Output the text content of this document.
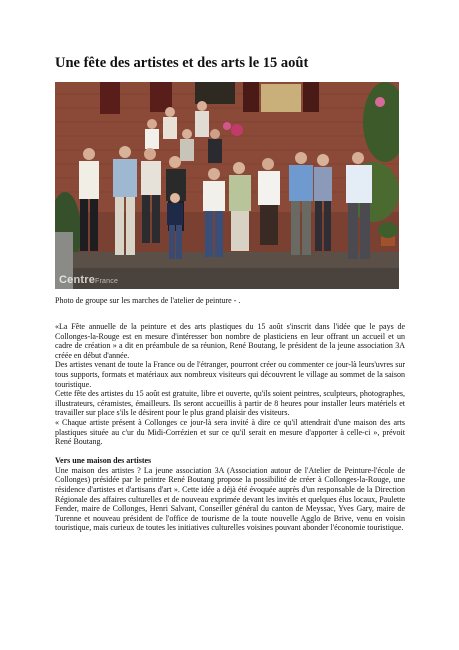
Une fête des artistes et des arts le 15 août
CentreFrance

Photo de groupe sur les marches de l'atelier de peinture - .

«La Fête annuelle de la peinture et des arts plastiques du 15 août s'inscrit dans l'idée que le pays de Collonges-la-Rouge est en mesure d'intéresser bon nombre de plasticiens en leur offrant un accueil et un cadre de création » a dit en préambule de sa réunion, René Boutang, le président de la jeune association 3A créée en début d'année.

Des artistes venant de toute la France ou de l'étranger, pourront créer ou commenter ce jour-là leurs'uvres sur tous supports, formats et matériaux aux nombreux visiteurs qui découvrent le village au sommet de la saison touristique.

Cette fête des artistes du 15 août est gratuite, libre et ouverte, qu'ils soient peintres, sculpteurs, photographes, illustrateurs, céramistes, émailleurs. Ils seront accueillis à partir de 8 heures pour installer leurs matériels et travailler sur place s'ils le désirent pour le plus grand plaisir des visiteurs.

« Chaque artiste présent à Collonges ce jour-là sera invité à dire ce qu'il attendrait d'une maison des arts plastiques située au c'ur du Midi-Corrézien et sur ce qu'il serait en mesure d'apporter à celle-ci », prévoit René Boutang.

Vers une maison des artistes

Une maison des artistes ? La jeune association 3A (Association autour de l'Atelier de Peinture-l'école de Collonges) présidée par le peintre René Boutang propose la possibilité de créer à Collonges-la-Rouge, une résidence d'artistes et d'artisans d'art ». Cette idée a déjà été évoquée auprès d'un responsable de la Direction Régionale des affaires culturelles et de nouveau exprimée devant les invités et quelques élus locaux, Paulette Fender, maire de Collonges, Henri Salvant, Conseiller général du canton de Meyssac, Yves Gary, maire de Turenne et nouveau président de l'office de tourisme de la toute nouvelle Agglo de Brive, venu en voisin touristique, mais curieux de toutes les initiatives culturelles voisines pouvant abonder l'économie touristique.
